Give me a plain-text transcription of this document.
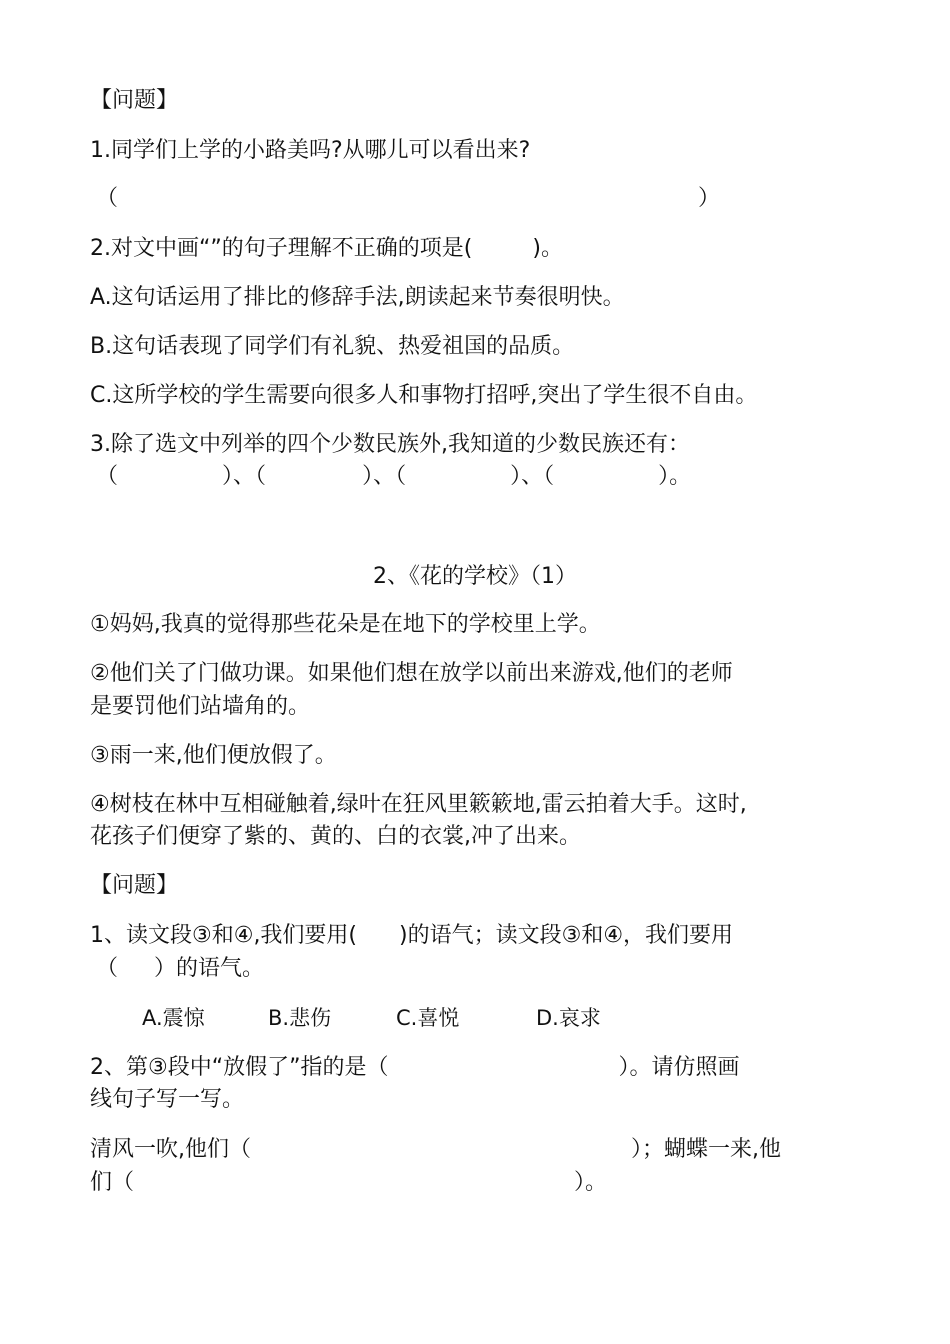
【问题】
1.同学们上学的小路美吗?从哪儿可以看出来?
（	）
2.对文中画“”的句子理解不正确的项是(	)。
A.这句话运用了排比的修辞手法,朗读起来节奏很明快。
B.这句话表现了同学们有礼貌、热爱祖国的品质。
C.这所学校的学生需要向很多人和事物打招呼,突出了学生很不自由。
3.除了选文中列举的四个少数民族外,我知道的少数民族还有：
（	）、（	）、（	）、（	）。
2、《花的学校》（1）
①妈妈,我真的觉得那些花朵是在地下的学校里上学。
②他们关了门做功课。如果他们想在放学以前出来游戏,他们的老师
是要罚他们站墙角的。
③雨一来,他们便放假了。
④树枝在林中互相碰触着,绿叶在狂风里簌簌地,雷云拍着大手。这时,
花孩子们便穿了紫的、黄的、白的衣裳,冲了出来。
【问题】
1、读文段③和④,我们要用( )的语气；读文段③和④，我们要用
（ ）的语气。
A.震惊	B.悲伤	C.喜悦	D.哀求
2、第③段中“放假了”指的是（	）。请仿照画
线句子写一写。
清风一吹,他们（	）；蝴蝶一来,他
们（	）。
